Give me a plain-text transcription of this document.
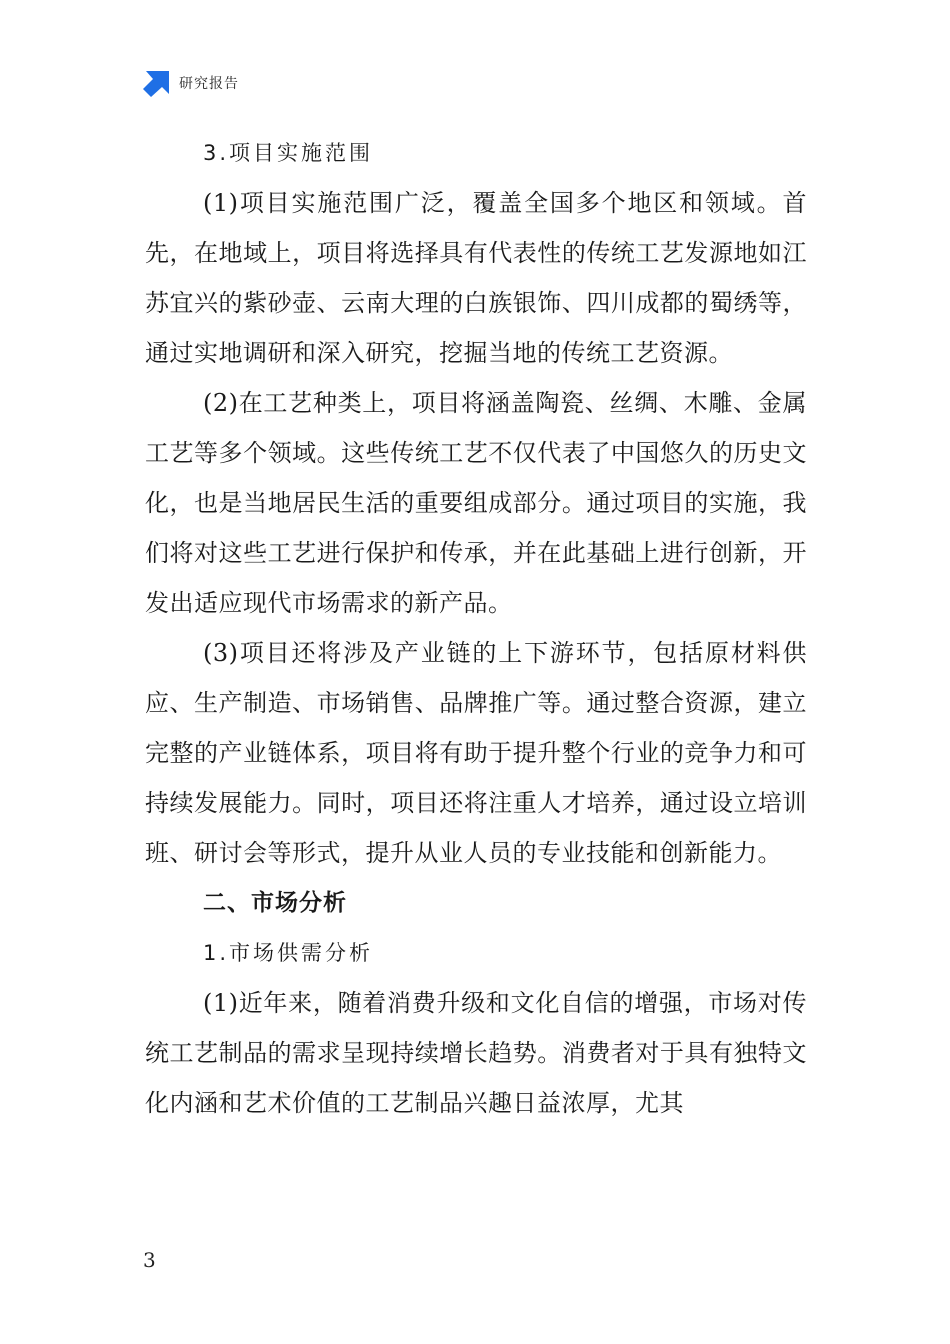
研究报告
3.项目实施范围
(1)项目实施范围广泛，覆盖全国多个地区和领域。首先，在地域上，项目将选择具有代表性的传统工艺发源地如江苏宜兴的紫砂壶、云南大理的白族银饰、四川成都的蜀绣等，通过实地调研和深入研究，挖掘当地的传统工艺资源。
(2)在工艺种类上，项目将涵盖陶瓷、丝绸、木雕、金属工艺等多个领域。这些传统工艺不仅代表了中国悠久的历史文化，也是当地居民生活的重要组成部分。通过项目的实施，我们将对这些工艺进行保护和传承，并在此基础上进行创新，开发出适应现代市场需求的新产品。
(3)项目还将涉及产业链的上下游环节，包括原材料供应、生产制造、市场销售、品牌推广等。通过整合资源，建立完整的产业链体系，项目将有助于提升整个行业的竞争力和可持续发展能力。同时，项目还将注重人才培养，通过设立培训班、研讨会等形式，提升从业人员的专业技能和创新能力。
二、市场分析
1.市场供需分析
(1)近年来，随着消费升级和文化自信的增强，市场对传统工艺制品的需求呈现持续增长趋势。消费者对于具有独特文化内涵和艺术价值的工艺制品兴趣日益浓厚，尤其
3
